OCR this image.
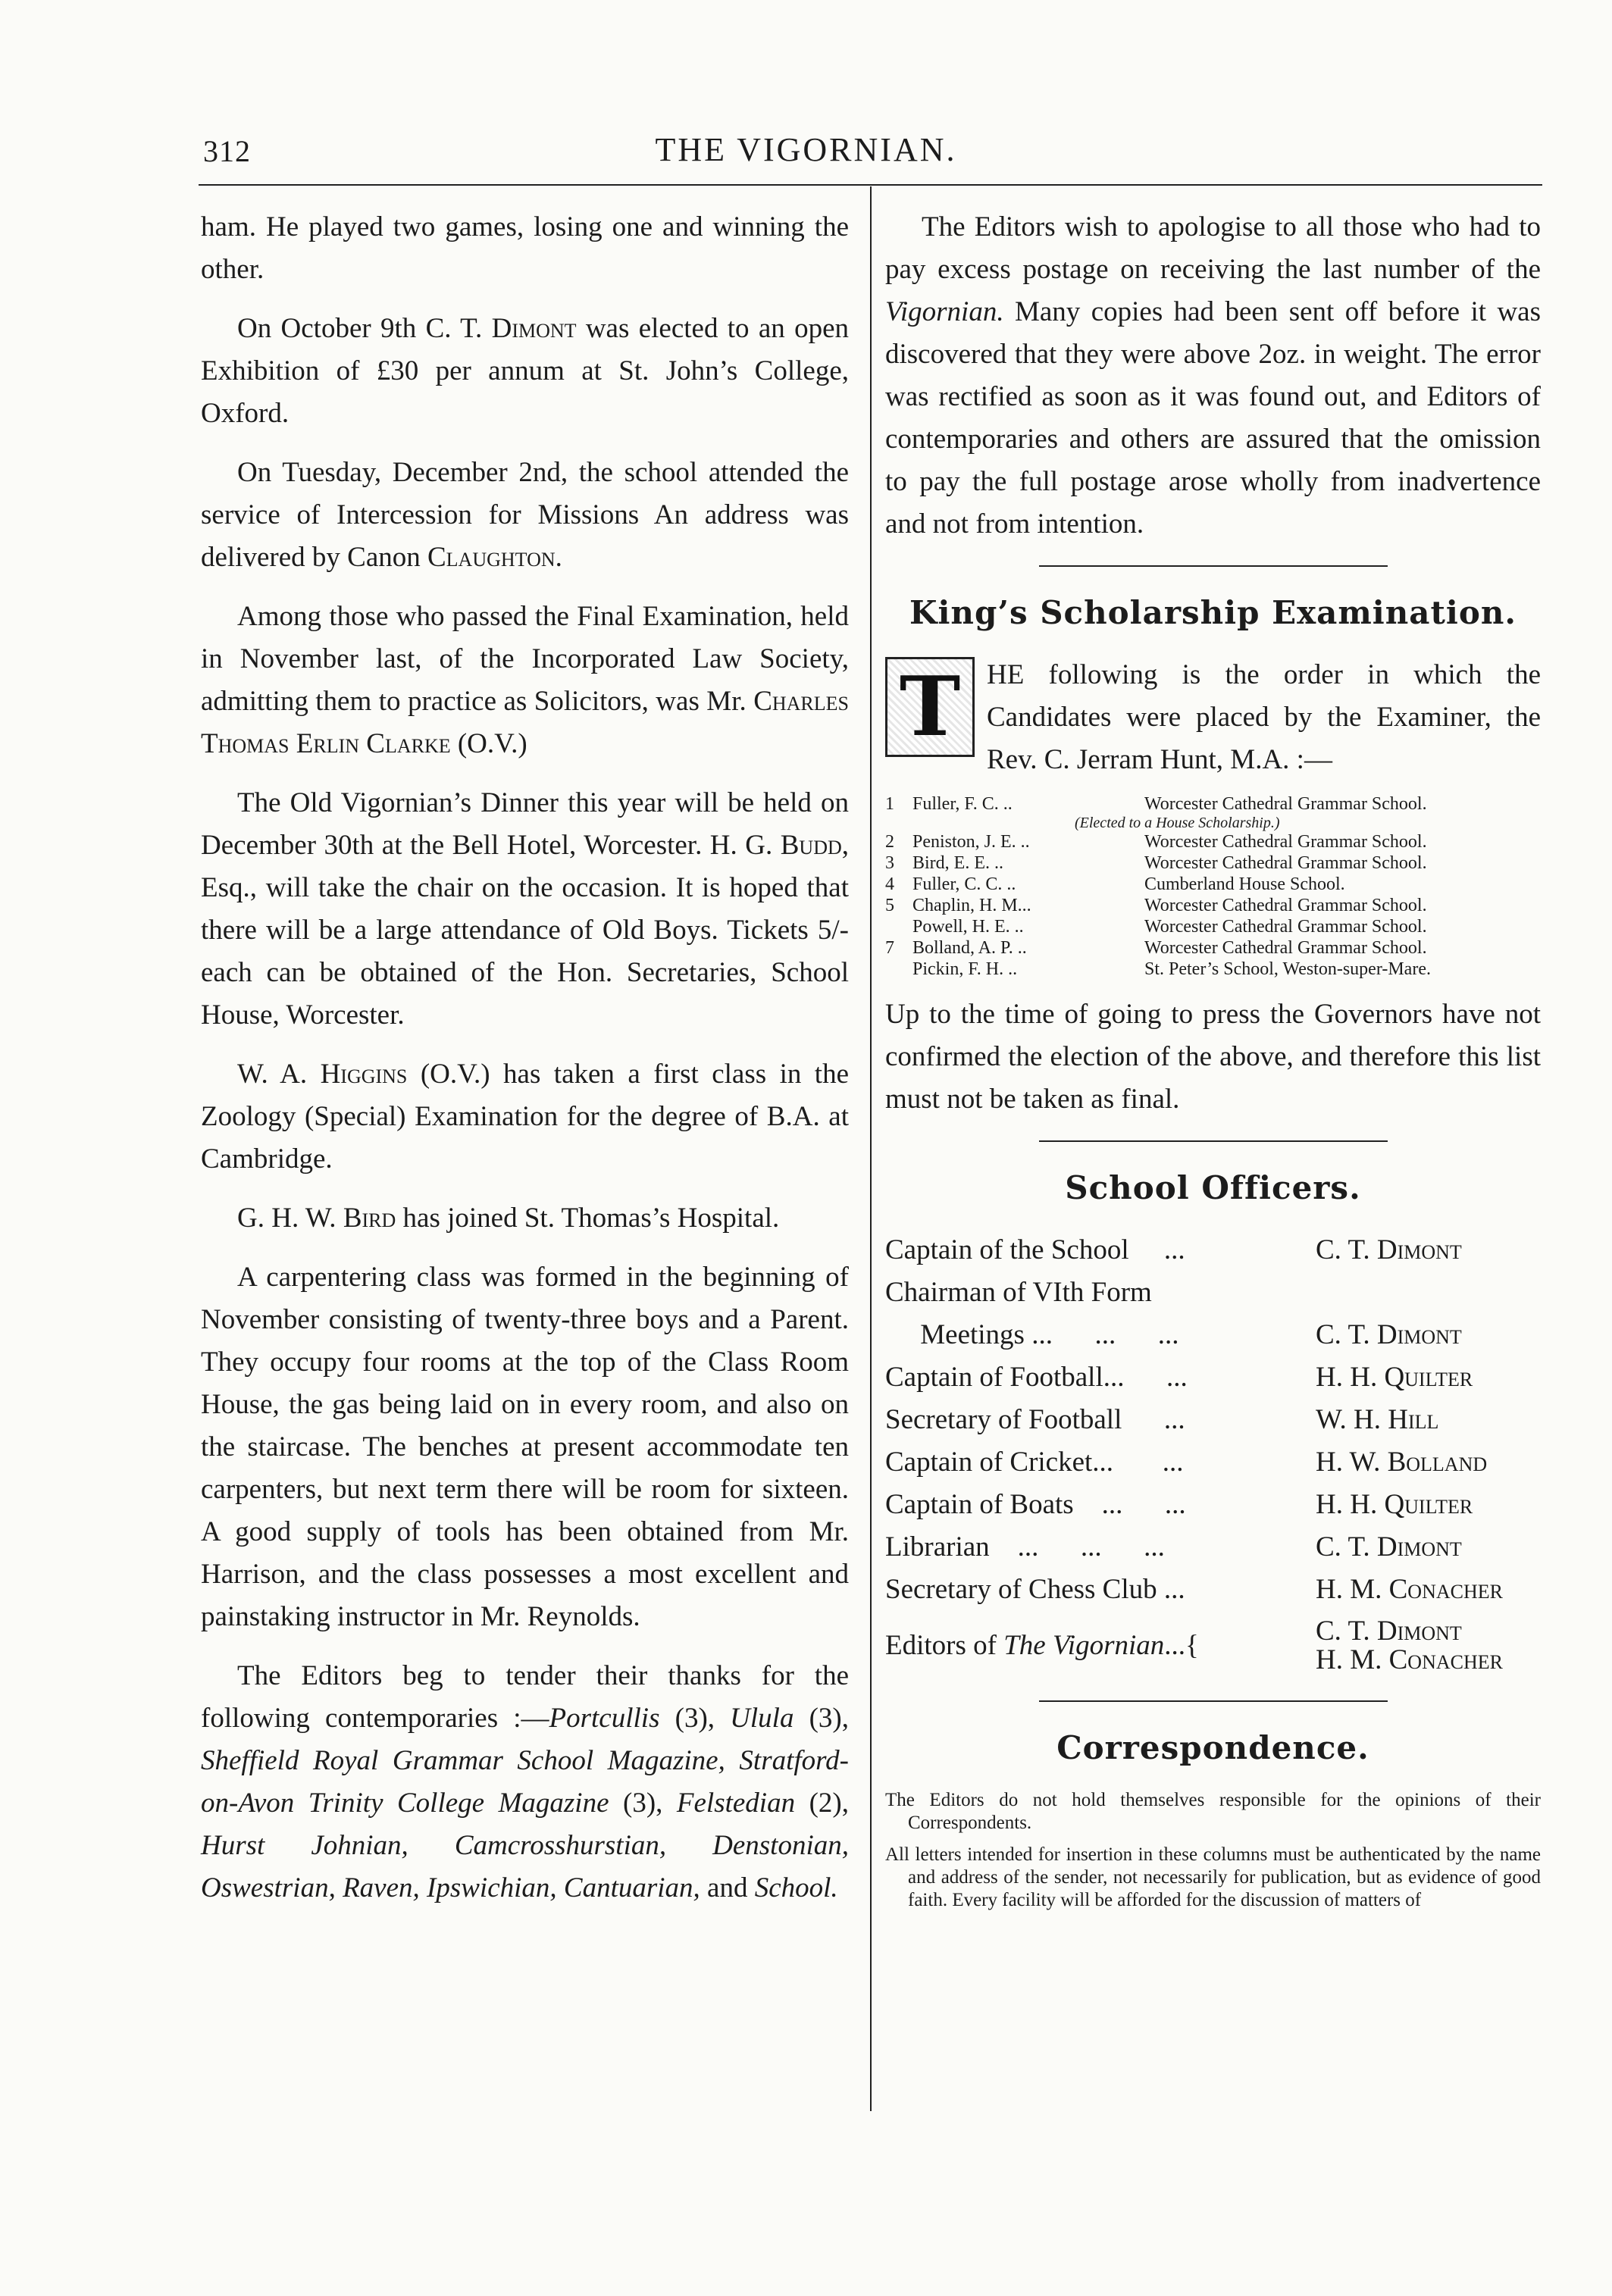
312	THE VIGORNIAN.

ham. He played two games, losing one and winning the other.

On October 9th C. T. Dimont was elected to an open Exhibition of £30 per annum at St. John’s College, Oxford.

On Tuesday, December 2nd, the school attended the service of Intercession for Missions An address was delivered by Canon Claughton.

Among those who passed the Final Examination, held in November last, of the Incorporated Law Society, admitting them to practice as Solicitors, was Mr. Charles Thomas Erlin Clarke (O.V.)

The Old Vigornian’s Dinner this year will be held on December 30th at the Bell Hotel, Worcester. H. G. Budd, Esq., will take the chair on the occasion. It is hoped that there will be a large attendance of Old Boys. Tickets 5/- each can be obtained of the Hon. Secretaries, School House, Worcester.

W. A. Higgins (O.V.) has taken a first class in the Zoology (Special) Examination for the degree of B.A. at Cambridge.

G. H. W. Bird has joined St. Thomas’s Hospital.

A carpentering class was formed in the beginning of November consisting of twenty-three boys and a Parent. They occupy four rooms at the top of the Class Room House, the gas being laid on in every room, and also on the staircase. The benches at present accommodate ten carpenters, but next term there will be room for sixteen. A good supply of tools has been obtained from Mr. Harrison, and the class possesses a most excellent and painstaking instructor in Mr. Reynolds.

The Editors beg to tender their thanks for the following contemporaries :—Portcullis (3), Ulula (3), Sheffield Royal Grammar School Magazine, Stratford-on-Avon Trinity College Magazine (3), Felstedian (2), Hurst Johnian, Camcrosshurstian, Denstonian, Oswestrian, Raven, Ipswichian, Cantuarian, and School.

The Editors wish to apologise to all those who had to pay excess postage on receiving the last number of the Vigornian. Many copies had been sent off before it was discovered that they were above 2oz. in weight. The error was rectified as soon as it was found out, and Editors of contemporaries and others are assured that the omission to pay the full postage arose wholly from inadvertence and not from intention.

King’s Scholarship Examination.
T HE following is the order in which the Candidates were placed by the Examiner, the Rev. C. Jerram Hunt, M.A. :—

1	Fuller, F. C. ..	Worcester Cathedral Grammar School.
(Elected to a House Scholarship.)
2	Peniston, J. E. ..	Worcester Cathedral Grammar School.
3	Bird, E. E. ..	Worcester Cathedral Grammar School.
4	Fuller, C. C. ..	Cumberland House School.
5	Chaplin, H. M...	Worcester Cathedral Grammar School.
Powell, H. E. ..	Worcester Cathedral Grammar School.
7	Bolland, A. P. ..	Worcester Cathedral Grammar School.
Pickin, F. H. ..	St. Peter’s School, Weston-super-Mare.

Up to the time of going to press the Governors have not confirmed the election of the above, and therefore this list must not be taken as final.

School Officers.
Captain of the School     ...	C. T. Dimont
Chairman of VIth Form
Meetings ...      ...      ...	C. T. Dimont
Captain of Football...      ...	H. H. Quilter
Secretary of Football      ...	W. H. Hill
Captain of Cricket...       ...	H. W. Bolland
Captain of Boats    ...      ...	H. H. Quilter
Librarian    ...      ...      ...	C. T. Dimont
Secretary of Chess Club ...	H. M. Conacher
Editors of The Vigornian...{	C. T. Dimont
H. M. Conacher
Correspondence.

The Editors do not hold themselves responsible for the opinions of their Correspondents.

All letters intended for insertion in these columns must be authenticated by the name and address of the sender, not necessarily for publication, but as evidence of good faith. Every facility will be afforded for the discussion of matters of
